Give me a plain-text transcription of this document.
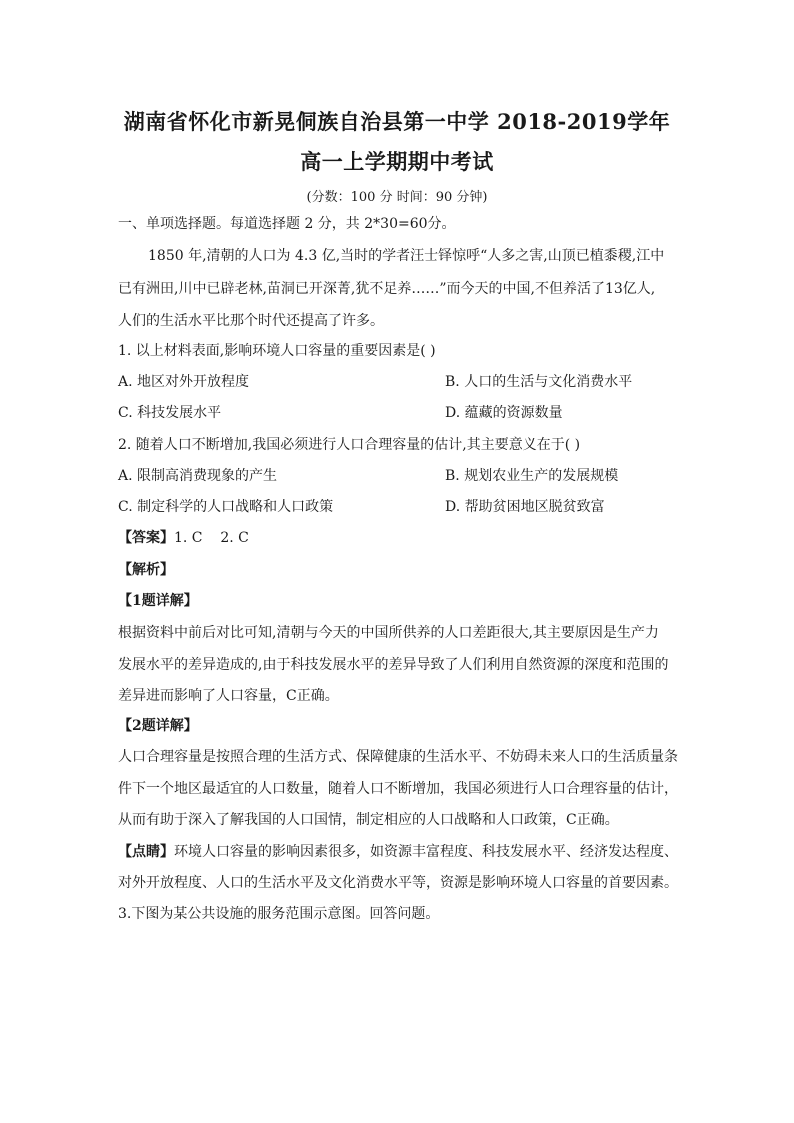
湖南省怀化市新晃侗族自治县第一中学 2018-2019学年
高一上学期期中考试
(分数：100 分 时间：90 分钟)
一、单项选择题。每道选择题 2 分，共 2*30=60分。
1850 年,清朝的人口为 4.3 亿,当时的学者汪士铎惊呼“人多之害,山顶已植黍稷,江中
已有洲田,川中已辟老林,苗洞已开深菁,犹不足养……”而今天的中国,不但养活了13亿人,
人们的生活水平比那个时代还提高了许多。
1. 以上材料表面,影响环境人口容量的重要因素是( )
A. 地区对外开放程度	B. 人口的生活与文化消费水平
C. 科技发展水平	D. 蕴藏的资源数量
2. 随着人口不断增加,我国必须进行人口合理容量的估计,其主要意义在于( )
A. 限制高消费现象的产生	B. 规划农业生产的发展规模
C. 制定科学的人口战略和人口政策	D. 帮助贫困地区脱贫致富
【答案】1. C    2. C
【解析】
【1题详解】
根据资料中前后对比可知,清朝与今天的中国所供养的人口差距很大,其主要原因是生产力
发展水平的差异造成的,由于科技发展水平的差异导致了人们利用自然资源的深度和范围的
差异进而影响了人口容量，C正确。
【2题详解】
人口合理容量是按照合理的生活方式、保障健康的生活水平、不妨碍未来人口的生活质量条
件下一个地区最适宜的人口数量，随着人口不断增加，我国必须进行人口合理容量的估计，
从而有助于深入了解我国的人口国情，制定相应的人口战略和人口政策，C正确。
【点睛】环境人口容量的影响因素很多，如资源丰富程度、科技发展水平、经济发达程度、
对外开放程度、人口的生活水平及文化消费水平等，资源是影响环境人口容量的首要因素。
3.下图为某公共设施的服务范围示意图。回答问题。
